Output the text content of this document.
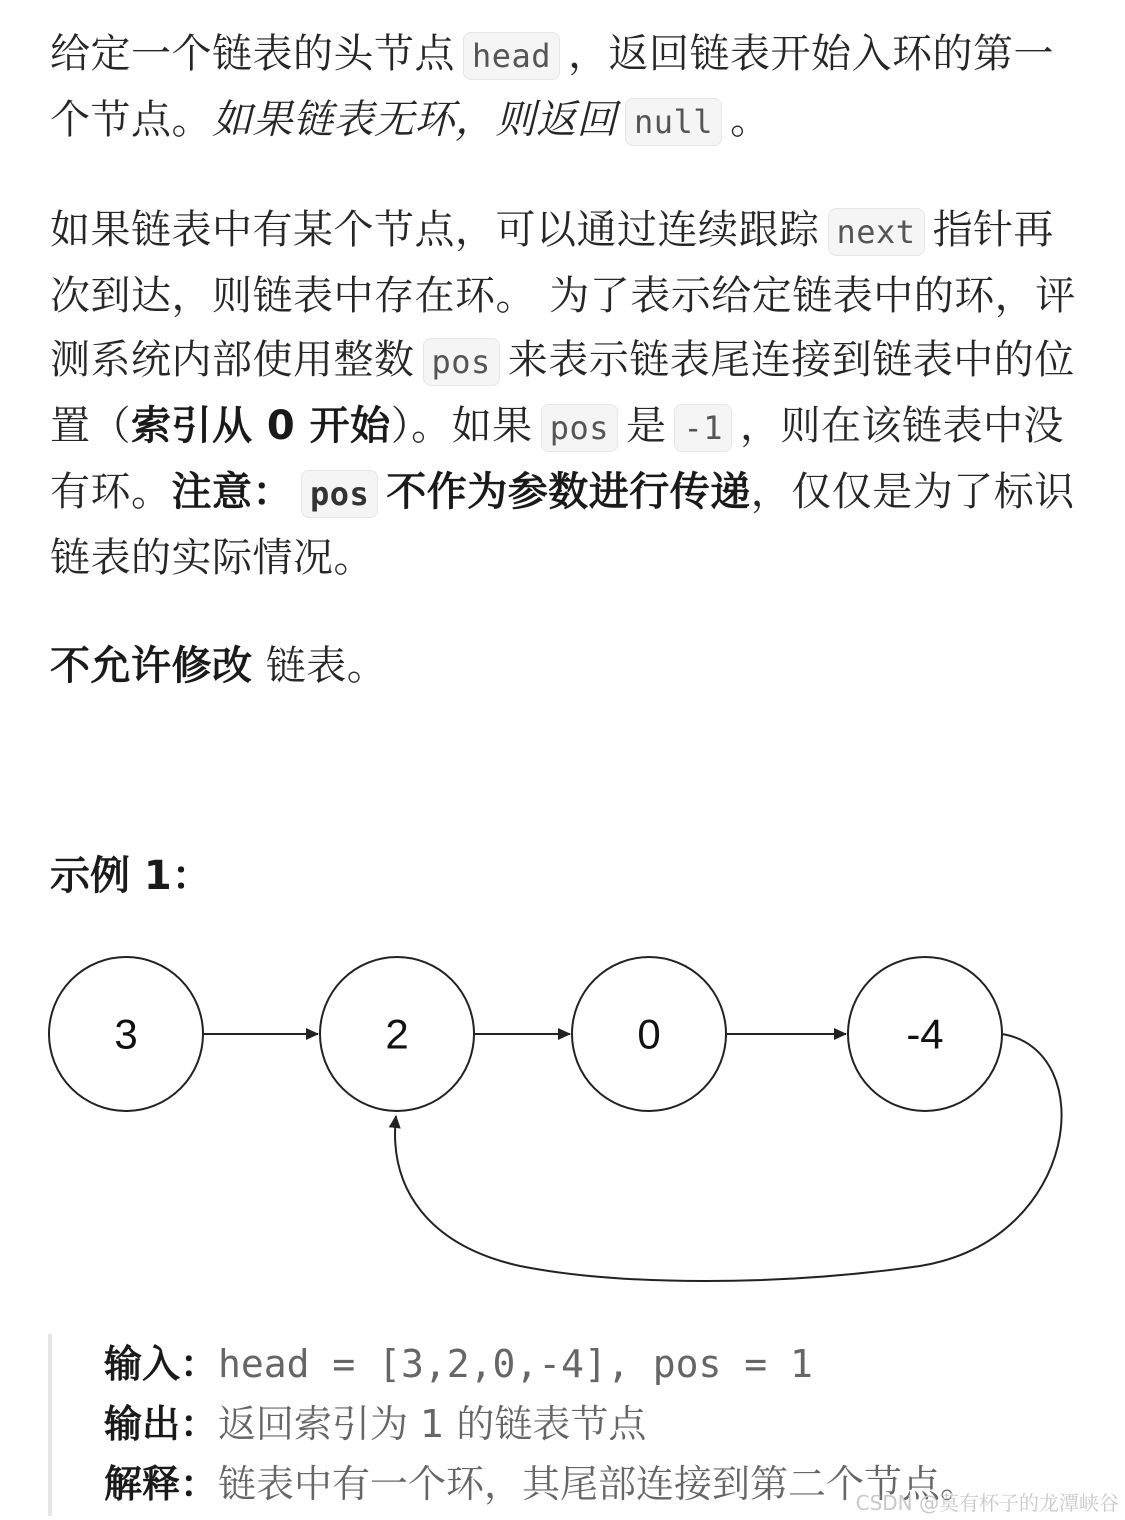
给定一个链表的头节点 head ，返回链表开始入环的第一个节点。如果链表无环，则返回 null 。

如果链表中有某个节点，可以通过连续跟踪 next 指针再次到达，则链表中存在环。 为了表示给定链表中的环，评测系统内部使用整数 pos 来表示链表尾连接到链表中的位置（索引从 0 开始）。如果 pos 是 -1 ，则在该链表中没有环。注意： pos 不作为参数进行传递，仅仅是为了标识链表的实际情况。

不允许修改 链表。

示例 1：
3	2	0	-4
输入：head = [3,2,0,-4], pos = 1
输出：返回索引为 1 的链表节点
解释：链表中有一个环，其尾部连接到第二个节点。
CSDN @莫有杯子的龙潭峡谷
